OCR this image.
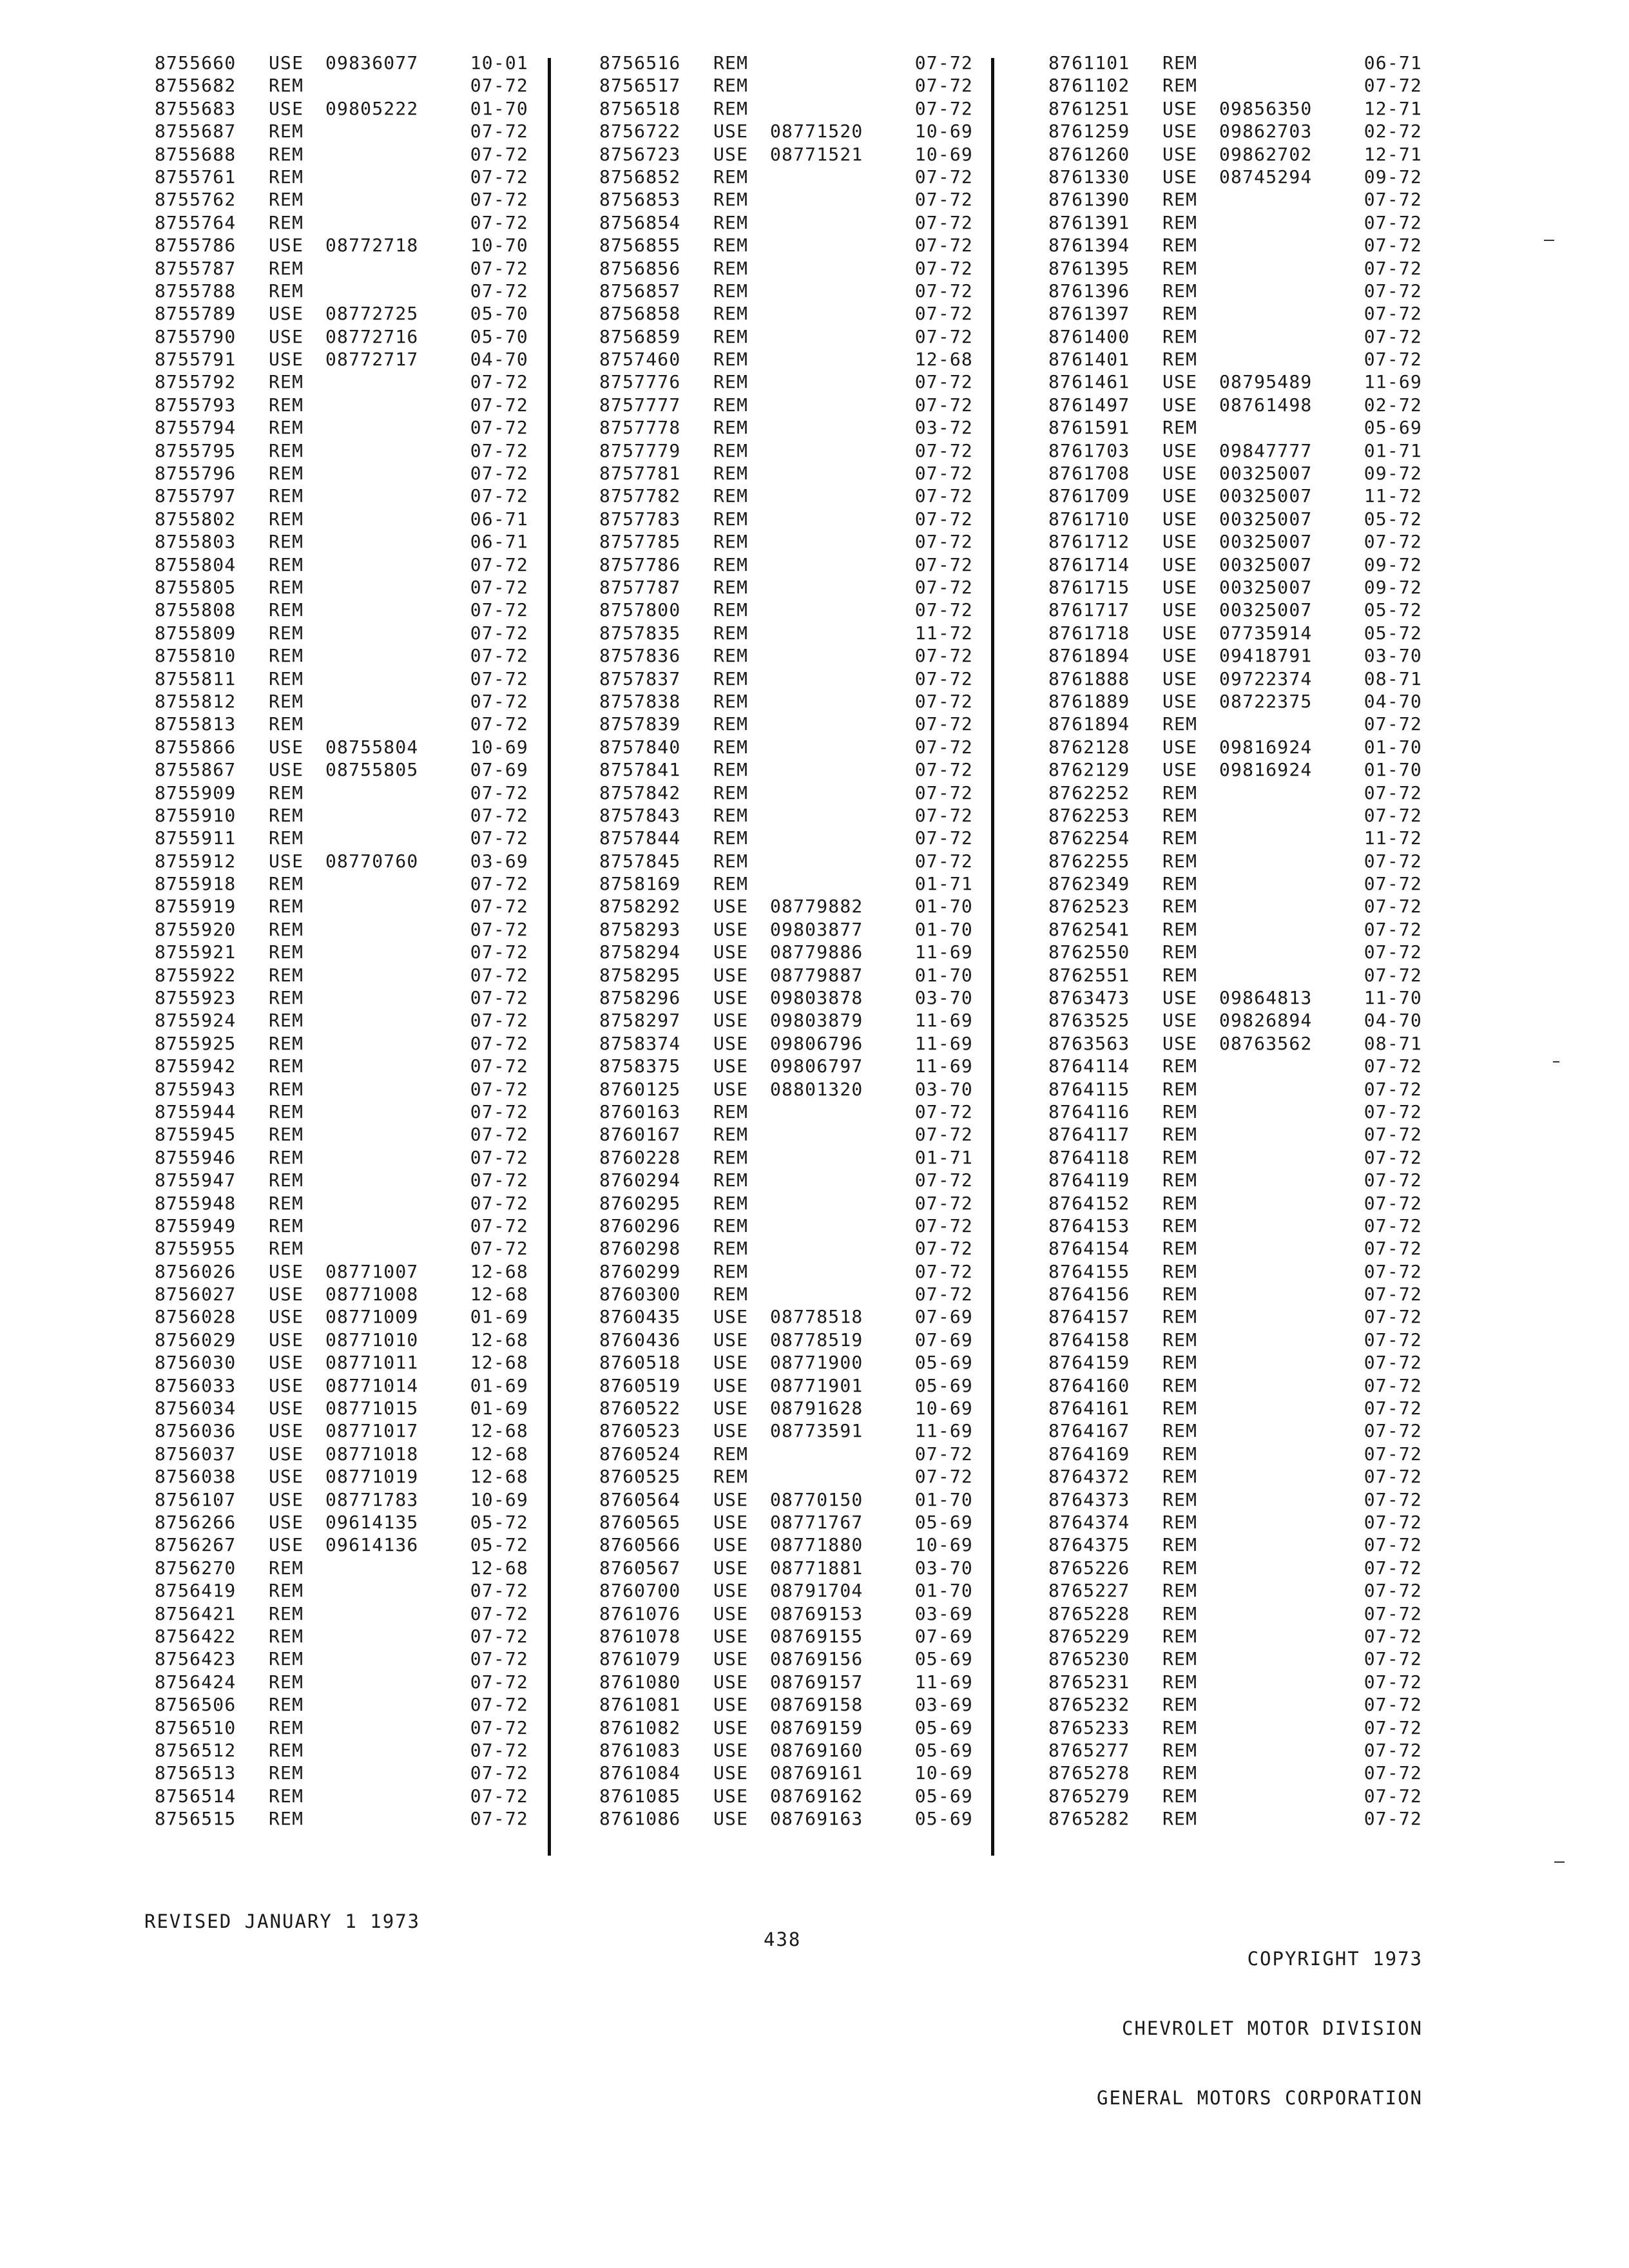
8755660 USE 09836077	10-01
8755682 REM	07-72
8755683 USE 09805222	01-70
8755687 REM	07-72
8755688 REM	07-72
8755761 REM	07-72
8755762 REM	07-72
8755764 REM	07-72
8755786 USE 08772718	10-70
8755787 REM	07-72
8755788 REM	07-72
8755789 USE 08772725	05-70
8755790 USE 08772716	05-70
8755791 USE 08772717	04-70
8755792 REM	07-72
8755793 REM	07-72
8755794 REM	07-72
8755795 REM	07-72
8755796 REM	07-72
8755797 REM	07-72
8755802 REM	06-71
8755803 REM	06-71
8755804 REM	07-72
8755805 REM	07-72
8755808 REM	07-72
8755809 REM	07-72
8755810 REM	07-72
8755811 REM	07-72
8755812 REM	07-72
8755813 REM	07-72
8755866 USE 08755804	10-69
8755867 USE 08755805	07-69
8755909 REM	07-72
8755910 REM	07-72
8755911 REM	07-72
8755912 USE 08770760	03-69
8755918 REM	07-72
8755919 REM	07-72
8755920 REM	07-72
8755921 REM	07-72
8755922 REM	07-72
8755923 REM	07-72
8755924 REM	07-72
8755925 REM	07-72
8755942 REM	07-72
8755943 REM	07-72
8755944 REM	07-72
8755945 REM	07-72
8755946 REM	07-72
8755947 REM	07-72
8755948 REM	07-72
8755949 REM	07-72
8755955 REM	07-72
8756026 USE 08771007	12-68
8756027 USE 08771008	12-68
8756028 USE 08771009	01-69
8756029 USE 08771010	12-68
8756030 USE 08771011	12-68
8756033 USE 08771014	01-69
8756034 USE 08771015	01-69
8756036 USE 08771017	12-68
8756037 USE 08771018	12-68
8756038 USE 08771019	12-68
8756107 USE 08771783	10-69
8756266 USE 09614135	05-72
8756267 USE 09614136	05-72
8756270 REM	12-68
8756419 REM	07-72
8756421 REM	07-72
8756422 REM	07-72
8756423 REM	07-72
8756424 REM	07-72
8756506 REM	07-72
8756510 REM	07-72
8756512 REM	07-72
8756513 REM	07-72
8756514 REM	07-72
8756515 REM	07-72
8756516 REM	07-72
8756517 REM	07-72
8756518 REM	07-72
8756722 USE 08771520	10-69
8756723 USE 08771521	10-69
8756852 REM	07-72
8756853 REM	07-72
8756854 REM	07-72
8756855 REM	07-72
8756856 REM	07-72
8756857 REM	07-72
8756858 REM	07-72
8756859 REM	07-72
8757460 REM	12-68
8757776 REM	07-72
8757777 REM	07-72
8757778 REM	03-72
8757779 REM	07-72
8757781 REM	07-72
8757782 REM	07-72
8757783 REM	07-72
8757785 REM	07-72
8757786 REM	07-72
8757787 REM	07-72
8757800 REM	07-72
8757835 REM	11-72
8757836 REM	07-72
8757837 REM	07-72
8757838 REM	07-72
8757839 REM	07-72
8757840 REM	07-72
8757841 REM	07-72
8757842 REM	07-72
8757843 REM	07-72
8757844 REM	07-72
8757845 REM	07-72
8758169 REM	01-71
8758292 USE 08779882	01-70
8758293 USE 09803877	01-70
8758294 USE 08779886	11-69
8758295 USE 08779887	01-70
8758296 USE 09803878	03-70
8758297 USE 09803879	11-69
8758374 USE 09806796	11-69
8758375 USE 09806797	11-69
8760125 USE 08801320	03-70
8760163 REM	07-72
8760167 REM	07-72
8760228 REM	01-71
8760294 REM	07-72
8760295 REM	07-72
8760296 REM	07-72
8760298 REM	07-72
8760299 REM	07-72
8760300 REM	07-72
8760435 USE 08778518	07-69
8760436 USE 08778519	07-69
8760518 USE 08771900	05-69
8760519 USE 08771901	05-69
8760522 USE 08791628	10-69
8760523 USE 08773591	11-69
8760524 REM	07-72
8760525 REM	07-72
8760564 USE 08770150	01-70
8760565 USE 08771767	05-69
8760566 USE 08771880	10-69
8760567 USE 08771881	03-70
8760700 USE 08791704	01-70
8761076 USE 08769153	03-69
8761078 USE 08769155	07-69
8761079 USE 08769156	05-69
8761080 USE 08769157	11-69
8761081 USE 08769158	03-69
8761082 USE 08769159	05-69
8761083 USE 08769160	05-69
8761084 USE 08769161	10-69
8761085 USE 08769162	05-69
8761086 USE 08769163	05-69
8761101 REM	06-71
8761102 REM	07-72
8761251 USE 09856350	12-71
8761259 USE 09862703	02-72
8761260 USE 09862702	12-71
8761330 USE 08745294	09-72
8761390 REM	07-72
8761391 REM	07-72
8761394 REM	07-72
8761395 REM	07-72
8761396 REM	07-72
8761397 REM	07-72
8761400 REM	07-72
8761401 REM	07-72
8761461 USE 08795489	11-69
8761497 USE 08761498	02-72
8761591 REM	05-69
8761703 USE 09847777	01-71
8761708 USE 00325007	09-72
8761709 USE 00325007	11-72
8761710 USE 00325007	05-72
8761712 USE 00325007	07-72
8761714 USE 00325007	09-72
8761715 USE 00325007	09-72
8761717 USE 00325007	05-72
8761718 USE 07735914	05-72
8761894 USE 09418791	03-70
8761888 USE 09722374	08-71
8761889 USE 08722375	04-70
8761894 REM	07-72
8762128 USE 09816924	01-70
8762129 USE 09816924	01-70
8762252 REM	07-72
8762253 REM	07-72
8762254 REM	11-72
8762255 REM	07-72
8762349 REM	07-72
8762523 REM	07-72
8762541 REM	07-72
8762550 REM	07-72
8762551 REM	07-72
8763473 USE 09864813	11-70
8763525 USE 09826894	04-70
8763563 USE 08763562	08-71
8764114 REM	07-72
8764115 REM	07-72
8764116 REM	07-72
8764117 REM	07-72
8764118 REM	07-72
8764119 REM	07-72
8764152 REM	07-72
8764153 REM	07-72
8764154 REM	07-72
8764155 REM	07-72
8764156 REM	07-72
8764157 REM	07-72
8764158 REM	07-72
8764159 REM	07-72
8764160 REM	07-72
8764161 REM	07-72
8764167 REM	07-72
8764169 REM	07-72
8764372 REM	07-72
8764373 REM	07-72
8764374 REM	07-72
8764375 REM	07-72
8765226 REM	07-72
8765227 REM	07-72
8765228 REM	07-72
8765229 REM	07-72
8765230 REM	07-72
8765231 REM	07-72
8765232 REM	07-72
8765233 REM	07-72
8765277 REM	07-72
8765278 REM	07-72
8765279 REM	07-72
8765282 REM	07-72
REVISED JANUARY 1 1973
438

COPYRIGHT 1973

CHEVROLET MOTOR DIVISION

GENERAL MOTORS CORPORATION
